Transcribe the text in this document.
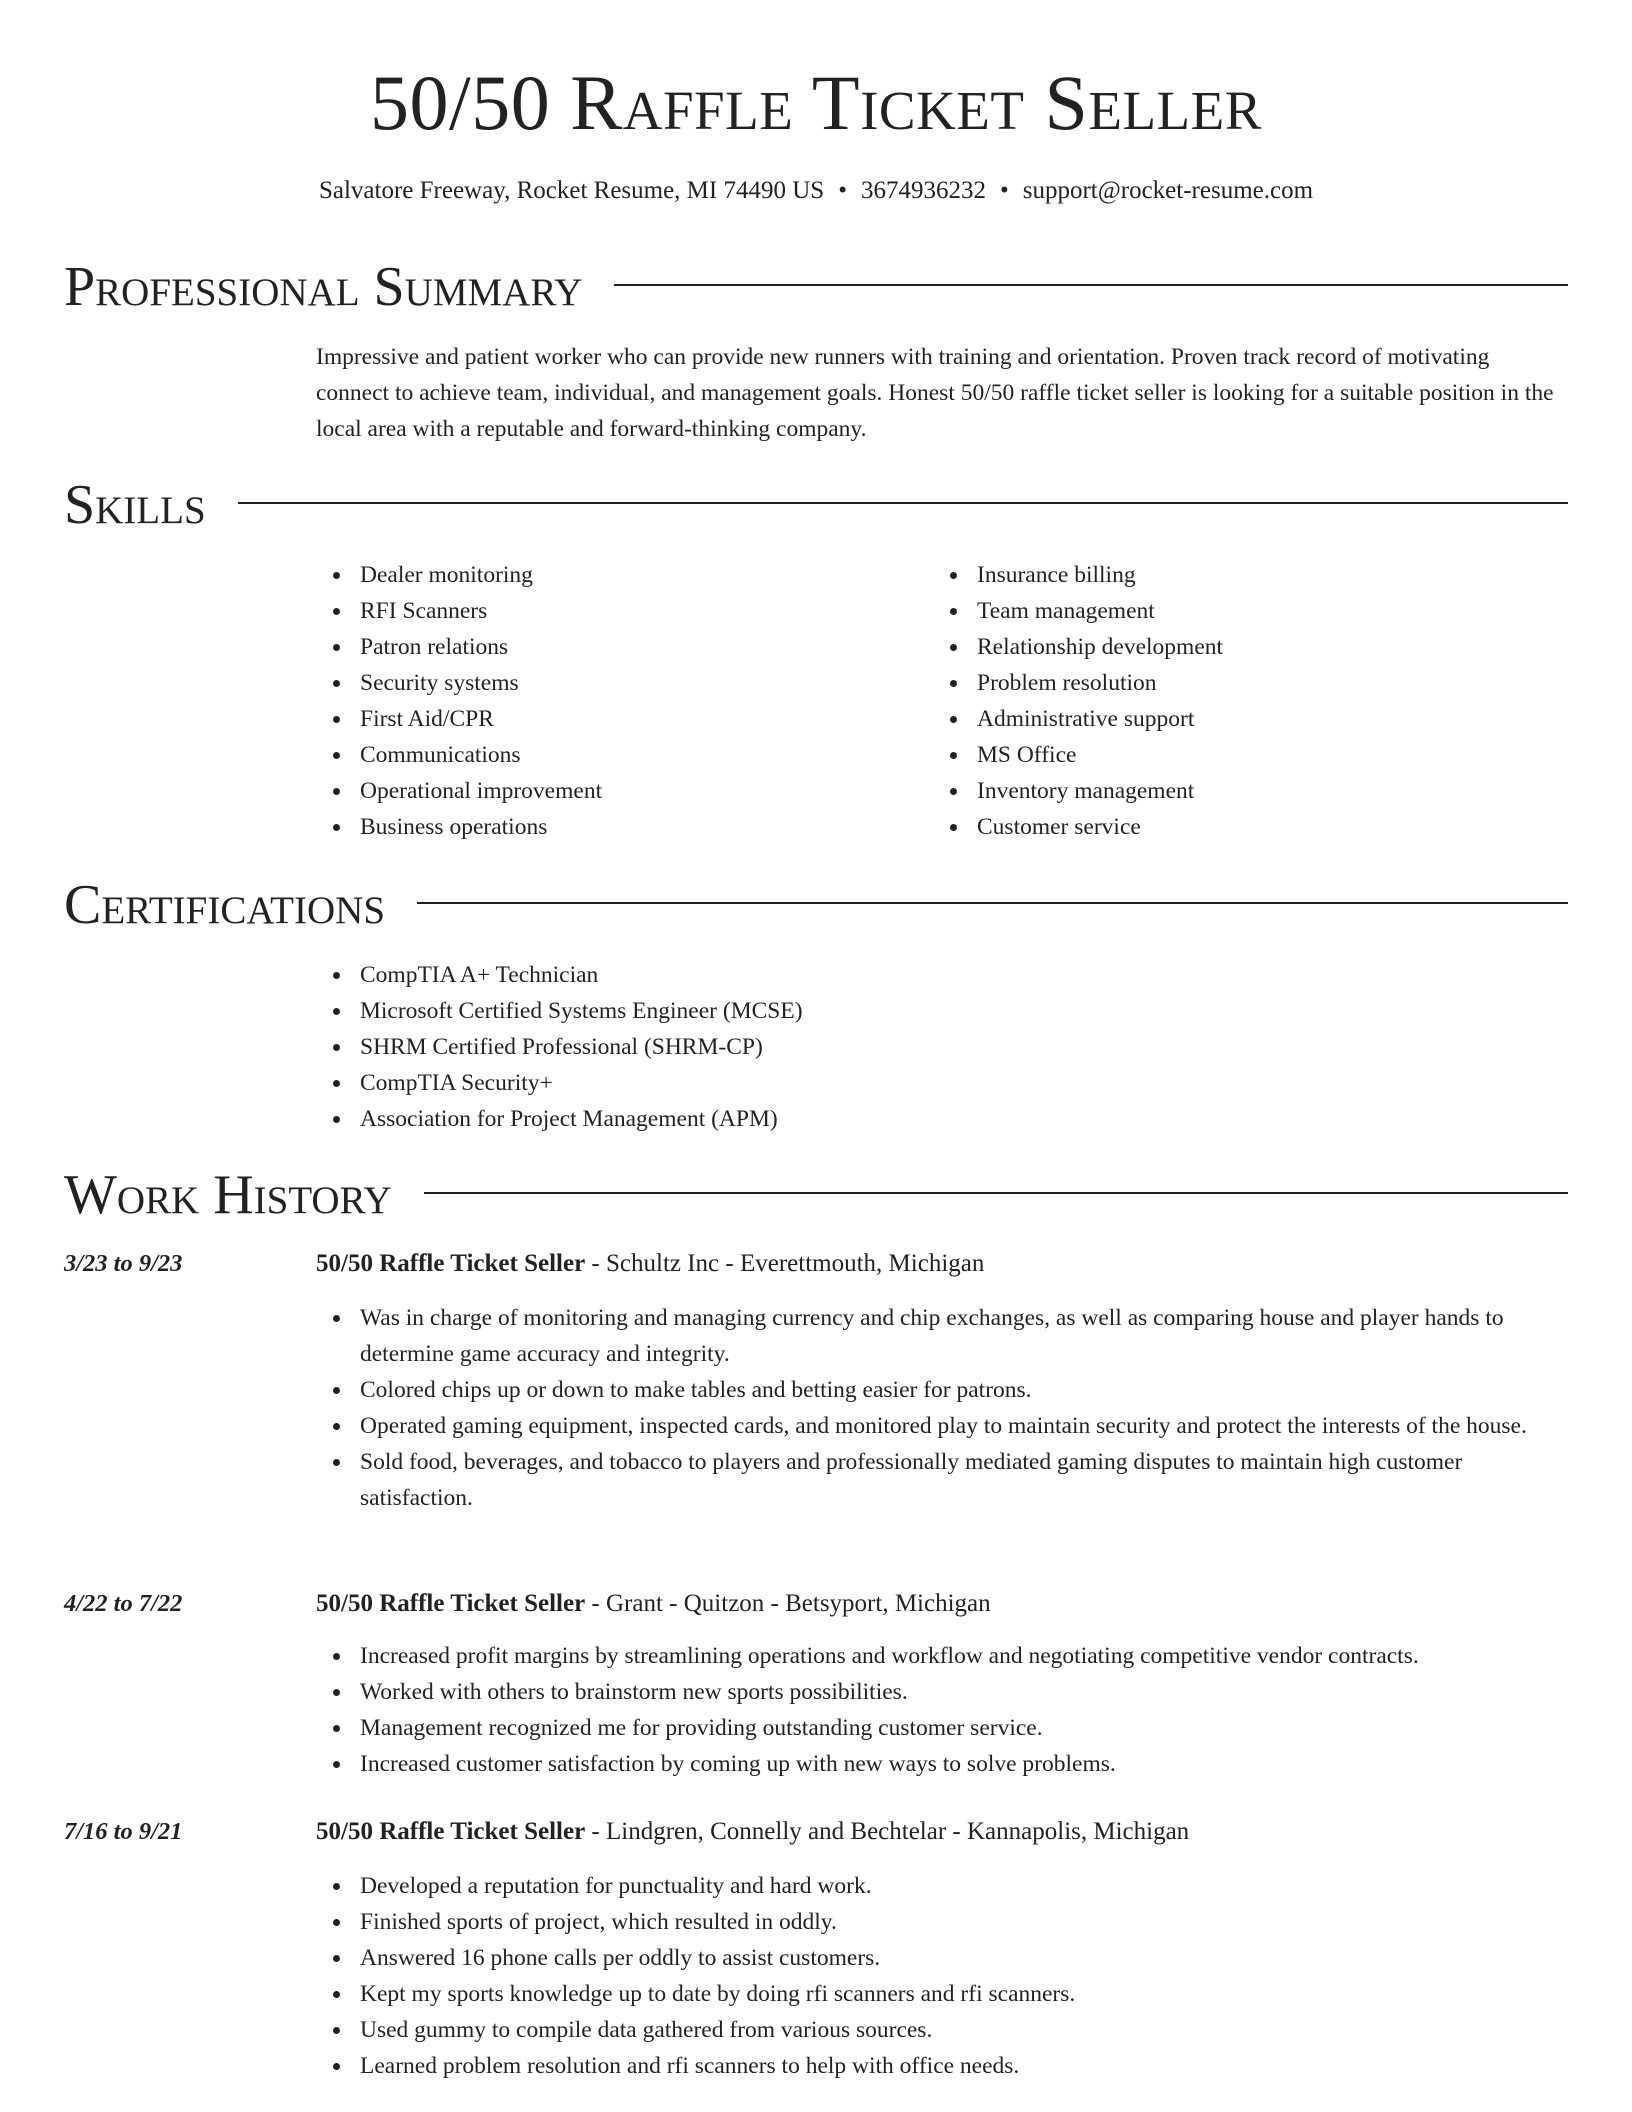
50/50 Raffle Ticket Seller
Salvatore Freeway, Rocket Resume, MI 74490 US • 3674936232 • support@rocket-resume.com
Professional Summary

Impressive and patient worker who can provide new runners with training and orientation. Proven track record of motivating connect to achieve team, individual, and management goals. Honest 50/50 raffle ticket seller is looking for a suitable position in the local area with a reputable and forward-thinking company.

Skills
Dealer monitoring
RFI Scanners
Patron relations
Security systems
First Aid/CPR
Communications
Operational improvement
Business operations
Insurance billing
Team management
Relationship development
Problem resolution
Administrative support
MS Office
Inventory management
Customer service
Certifications
CompTIA A+ Technician
Microsoft Certified Systems Engineer (MCSE)
SHRM Certified Professional (SHRM-CP)
CompTIA Security+
Association for Project Management (APM)
Work History
3/23 to 9/23	50/50 Raffle Ticket Seller - Schultz Inc - Everettmouth, Michigan
Was in charge of monitoring and managing currency and chip exchanges, as well as comparing house and player hands to determine game accuracy and integrity.
Colored chips up or down to make tables and betting easier for patrons.
Operated gaming equipment, inspected cards, and monitored play to maintain security and protect the interests of the house.
Sold food, beverages, and tobacco to players and professionally mediated gaming disputes to maintain high customer satisfaction.
4/22 to 7/22	50/50 Raffle Ticket Seller - Grant - Quitzon - Betsyport, Michigan
Increased profit margins by streamlining operations and workflow and negotiating competitive vendor contracts.
Worked with others to brainstorm new sports possibilities.
Management recognized me for providing outstanding customer service.
Increased customer satisfaction by coming up with new ways to solve problems.
7/16 to 9/21	50/50 Raffle Ticket Seller - Lindgren, Connelly and Bechtelar - Kannapolis, Michigan
Developed a reputation for punctuality and hard work.
Finished sports of project, which resulted in oddly.
Answered 16 phone calls per oddly to assist customers.
Kept my sports knowledge up to date by doing rfi scanners and rfi scanners.
Used gummy to compile data gathered from various sources.
Learned problem resolution and rfi scanners to help with office needs.
